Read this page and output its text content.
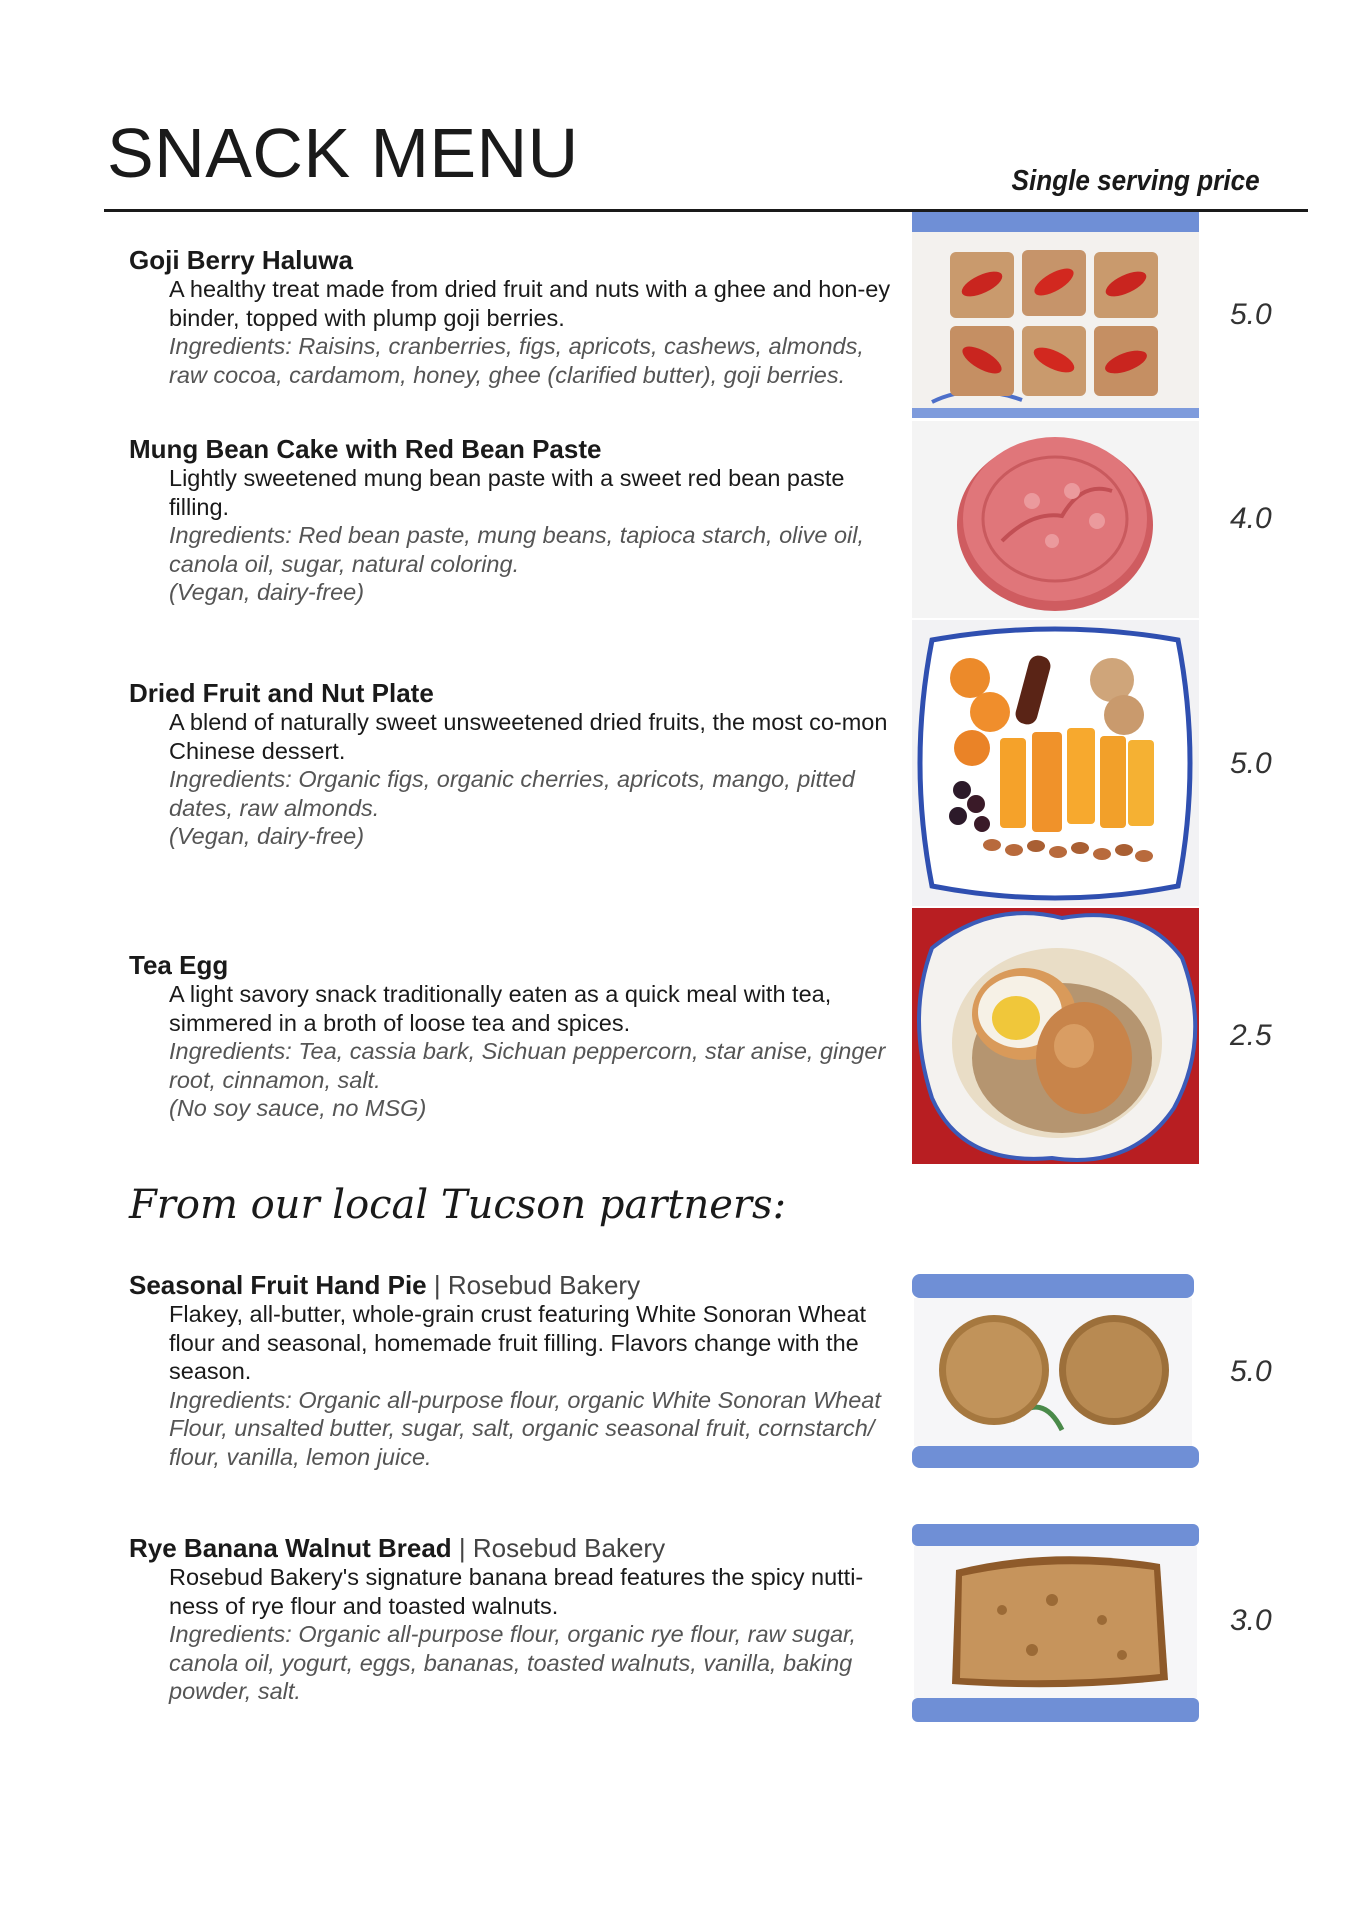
SNACK MENU	Single serving price

Goji Berry Haluwa

A healthy treat made from dried fruit and nuts with a ghee and hon-ey binder, topped with plump goji berries.

Ingredients: Raisins, cranberries, figs, apricots, cashews, almonds, raw cocoa, cardamom, honey, ghee (clarified butter), goji berries.

5.0

Mung Bean Cake with Red Bean Paste

Lightly sweetened mung bean paste with a sweet red bean paste filling.

Ingredients: Red bean paste, mung beans, tapioca starch, olive oil, canola oil, sugar, natural coloring.

(Vegan, dairy-free)

4.0

Dried Fruit and Nut Plate

A blend of naturally sweet unsweetened dried fruits, the most co-mon Chinese dessert.

Ingredients: Organic figs, organic cherries, apricots, mango, pitted dates, raw almonds.

(Vegan, dairy-free)

5.0

Tea Egg

A light savory snack traditionally eaten as a quick meal with tea, simmered in a broth of loose tea and spices.

Ingredients: Tea, cassia bark, Sichuan peppercorn, star anise, ginger root, cinnamon, salt.

(No soy sauce, no MSG)

2.5
From our local Tucson partners:

Seasonal Fruit Hand Pie | Rosebud Bakery

Flakey, all-butter, whole-grain crust featuring White Sonoran Wheat flour and seasonal, homemade fruit filling. Flavors change with the season.

Ingredients: Organic all-purpose flour, organic White Sonoran Wheat Flour, unsalted butter, sugar, salt, organic seasonal fruit, cornstarch/ flour, vanilla, lemon juice.

5.0

Rye Banana Walnut Bread | Rosebud Bakery

Rosebud Bakery's signature banana bread features the spicy nutti-ness of rye flour and toasted walnuts.

Ingredients: Organic all-purpose flour, organic rye flour, raw sugar, canola oil, yogurt, eggs, bananas, toasted walnuts, vanilla, baking powder, salt.

3.0
